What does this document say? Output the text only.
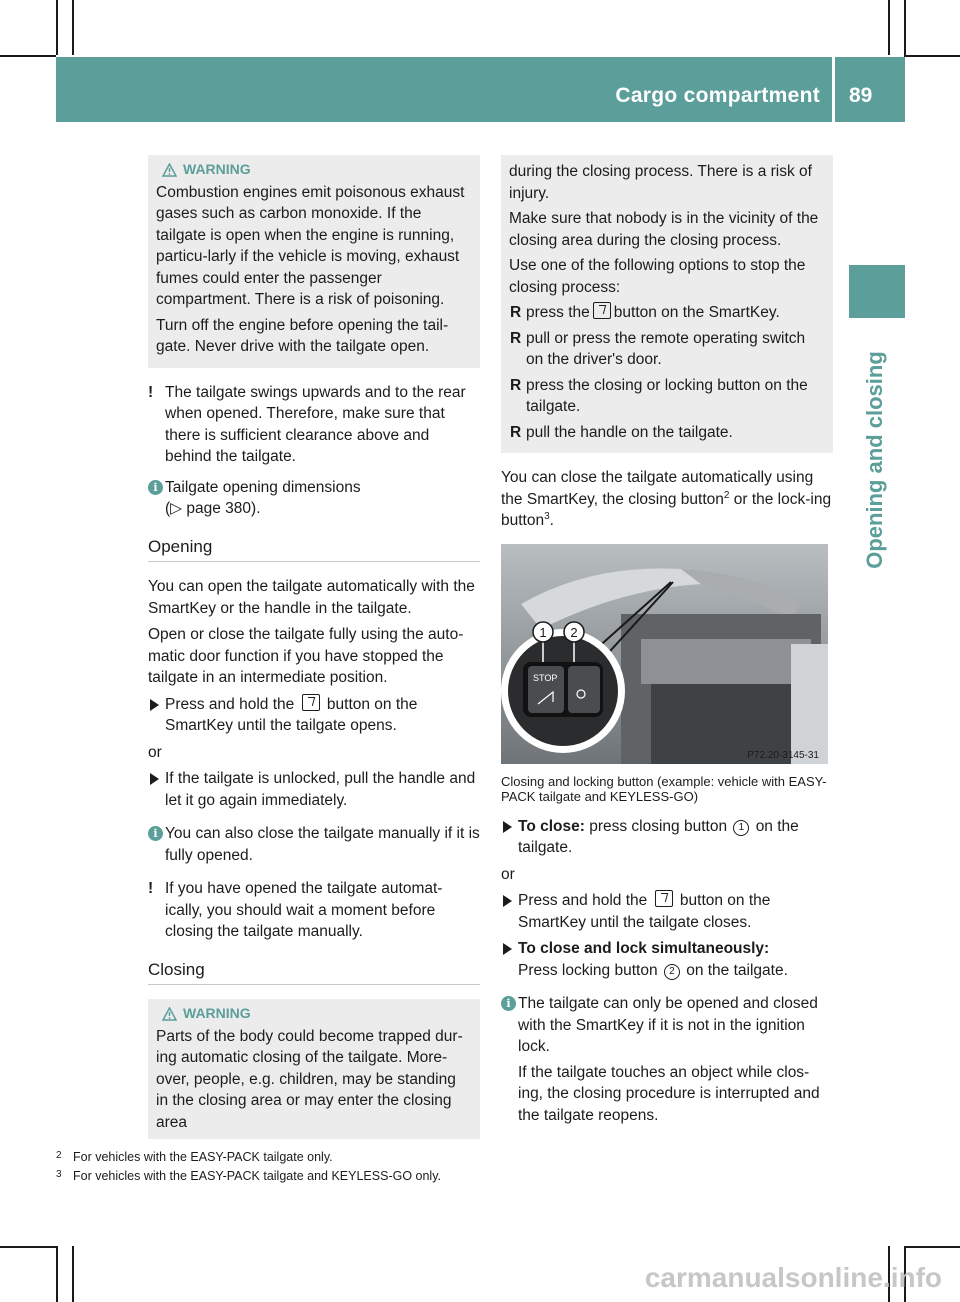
Cargo compartment 89
Opening and closing
WARNING

Combustion engines emit poisonous exhaust gases such as carbon monoxide. If the tailgate is open when the engine is running, particu-larly if the vehicle is moving, exhaust fumes could enter the passenger compartment. There is a risk of poisoning.

Turn off the engine before opening the tail-gate. Never drive with the tailgate open.

! The tailgate swings upwards and to the rear when opened. Therefore, make sure that there is sufficient clearance above and behind the tailgate.
i Tailgate opening dimensions
(▷ page 380).
Opening

You can open the tailgate automatically with the SmartKey or the handle in the tailgate.

Open or close the tailgate fully using the auto-matic door function if you have stopped the tailgate in an intermediate position.

Press and hold the button on the SmartKey until the tailgate opens.

or

If the tailgate is unlocked, pull the handle and let it go again immediately.
i You can also close the tailgate manually if it is fully opened.
! If you have opened the tailgate automat-ically, you should wait a moment before closing the tailgate manually.
Closing
WARNING

Parts of the body could become trapped dur-ing automatic closing of the tailgate. More-over, people, e.g. children, may be standing in the closing area or may enter the closing area

during the closing process. There is a risk of injury.

Make sure that nobody is in the vicinity of the closing area during the closing process.

Use one of the following options to stop the closing process:

R press the button on the SmartKey.
R pull or press the remote operating switch on the driver's door.
R press the closing or locking button on the tailgate.
R pull the handle on the tailgate.

You can close the tailgate automatically using the SmartKey, the closing button$^2$ or the lock-ing button$^3$.

STOP
1 2
P72.20-3145-31
Closing and locking button (example: vehicle with EASY-PACK tailgate and KEYLESS-GO)
To close: press closing button 1 on the tailgate.

or

Press and hold the button on the SmartKey until the tailgate closes.
To close and lock simultaneously:
Press locking button 2 on the tailgate.
i The tailgate can only be opened and closed with the SmartKey if it is not in the ignition lock.

If the tailgate touches an object while clos-ing, the closing procedure is interrupted and the tailgate reopens.

2 For vehicles with the EASY-PACK tailgate only.
3 For vehicles with the EASY-PACK tailgate and KEYLESS-GO only.
carmanualsonline.info
